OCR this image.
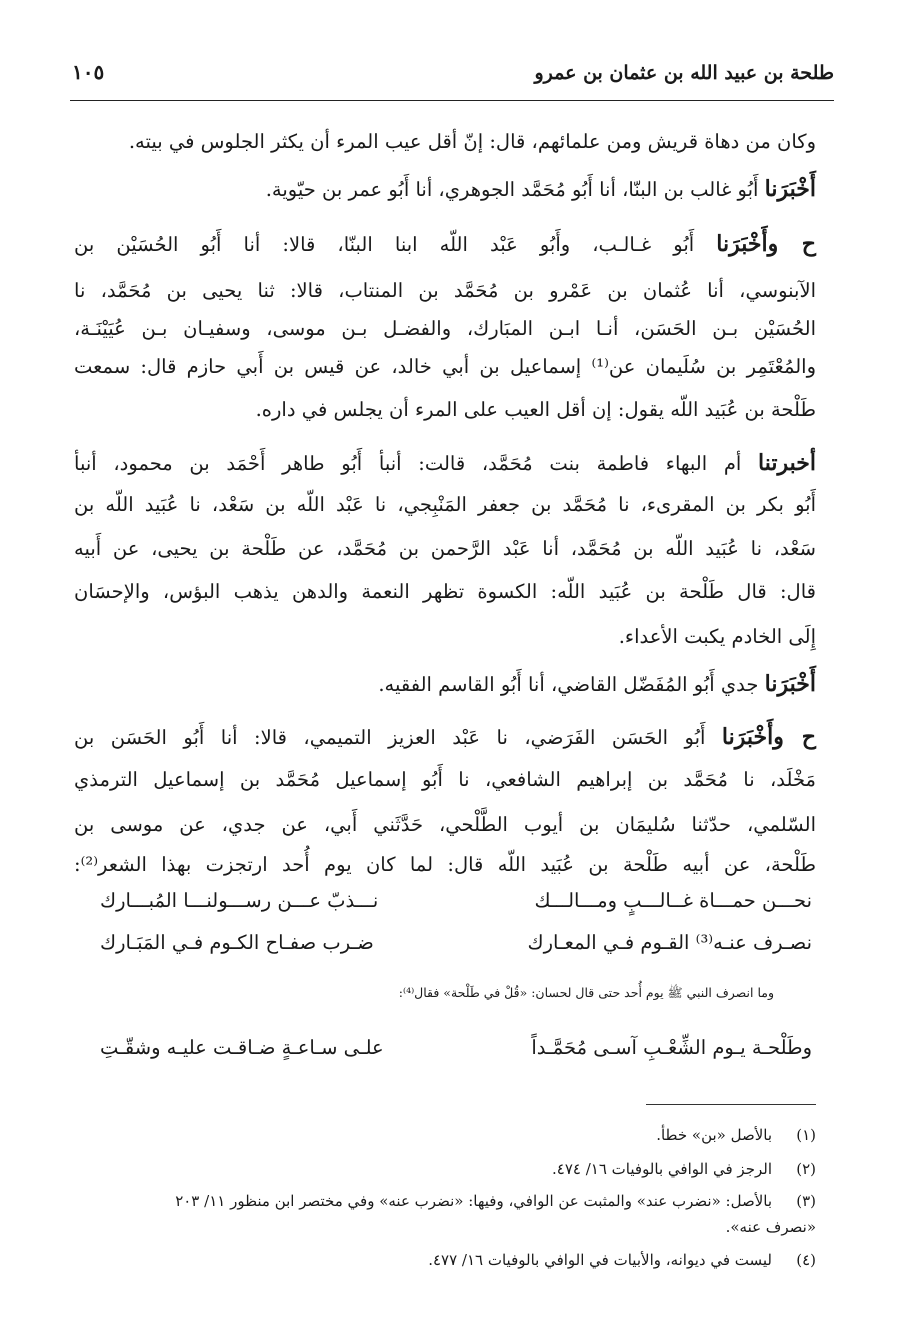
طلحة بن عبيد الله بن عثمان بن عمرو
١٠٥
وكان من دهاة قريش ومن علمائهم، قال: إنّ أقل عيب المرء أن يكثر الجلوس في بيته.
أَخْبَرَنا أَبُو غالب بن البنّا، أنا أَبُو مُحَمَّد الجوهري، أنا أَبُو عمر بن حيّوية.
ح وأَخْبَرَنا أَبُو غـالـب، وأَبُو عَبْد اللّه ابنا البنّا، قالا: أنا أَبُو الحُسَيْن بن
الآبنوسي، أنا عُثمان بن عَمْرو بن مُحَمَّد بن المنتاب، قالا: ثنا يحيى بن مُحَمَّد، نا
الحُسَيْن بـن الحَسَن، أنـا ابـن المبَارك، والفضـل بـن موسى، وسفيـان بـن عُيَيْنَـة،
والمُعْتَمِر بن سُلَيمان عن⁽¹⁾ إسماعيل بن أبي خالد، عن قيس بن أَبي حازم قال: سمعت
طَلْحة بن عُبَيد اللّه يقول: إن أقل العيب على المرء أن يجلس في داره.
أخبرتنا أم البهاء فاطمة بنت مُحَمَّد، قالت: أنبأ أَبُو طاهر أَحْمَد بن محمود، أنبأ
أَبُو بكر بن المقرىء، نا مُحَمَّد بن جعفر المَنْبِجي، نا عَبْد اللّه بن سَعْد، نا عُبَيد اللّه بن
سَعْد، نا عُبَيد اللّه بن مُحَمَّد، أنا عَبْد الرَّحمن بن مُحَمَّد، عن طَلْحة بن يحيى، عن أَبيه
قال: قال طَلْحة بن عُبَيد اللّه: الكسوة تظهر النعمة والدهن يذهب البؤس، والإحسَان
إِلَى الخادم يكبت الأعداء.
أَخْبَرَنا جدي أَبُو المُفَضّل القاضي، أنا أَبُو القاسم الفقيه.
ح وأَخْبَرَنا أَبُو الحَسَن الفَرَضي، نا عَبْد العزيز التميمي، قالا: أنا أَبُو الحَسَن بن
مَخْلَد، نا مُحَمَّد بن إبراهيم الشافعي، نا أَبُو إسماعيل مُحَمَّد بن إسماعيل الترمذي
السّلمي، حدّثنا سُليمَان بن أيوب الطَّلْحي، حَدَّثَني أَبي، عن جدي، عن موسى بن
طَلْحة، عن أبيه طَلْحة بن عُبَيد اللّه قال: لما كان يوم أُحد ارتجزت بهذا الشعر⁽²⁾:
نحـــن حمـــاة غــالـــبٍ ومـــالـــك
نـــذبّ عـــن رســـولنـــا المُبـــارك
نصـرف عنـه⁽³⁾ القـوم فـي المعـارك
ضـرب صفـاح الكـوم فـي المَبَـارك
وما انصرف النبي ﷺ يوم أُحد حتى قال لحسان: «قُلْ في طَلْحة» فقال⁽⁴⁾:
وطَلْحـة يـوم الشِّعْـبِ آسـى مُحَمَّـداً
علـى سـاعـةٍ ضـاقـت عليـه وشقّـتِ
(١)بالأصل «بن» خطأ.
(٢)الرجز في الوافي بالوفيات ١٦/ ٤٧٤.
(٣)بالأصل: «نضرب عند» والمثبت عن الوافي، وفيها: «نضرب عنه» وفي مختصر ابن منظور ١١/ ٢٠٣
«نصرف عنه».
(٤)ليست في ديوانه، والأبيات في الوافي بالوفيات ١٦/ ٤٧٧.
